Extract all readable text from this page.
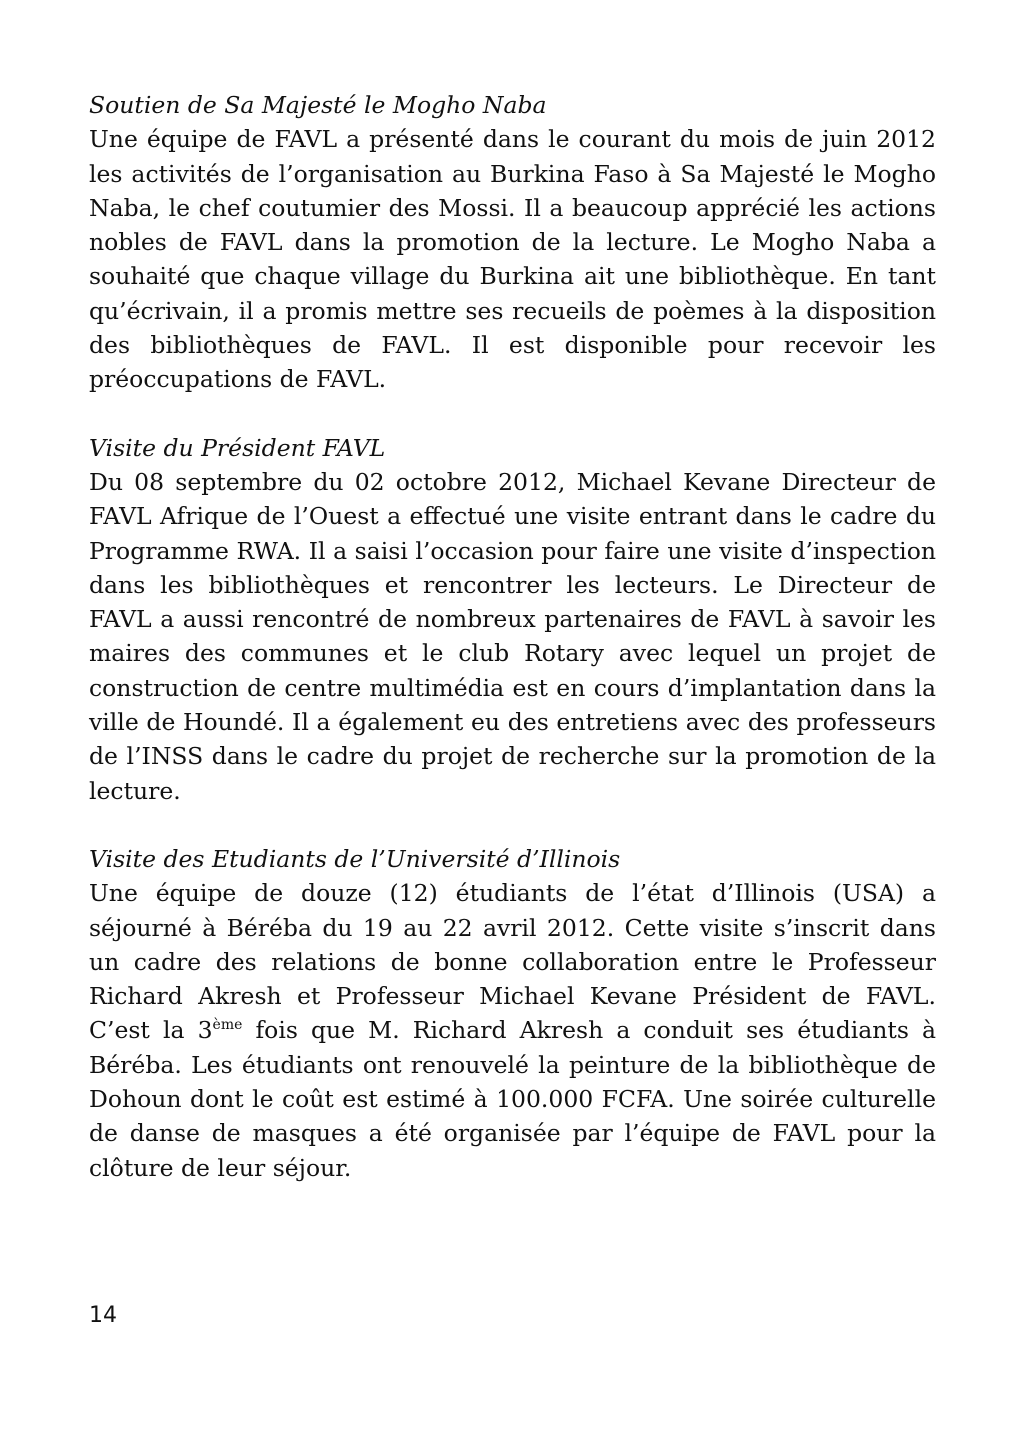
Soutien de Sa Majesté le Mogho Naba

Une équipe de FAVL a présenté dans le courant du mois de juin 2012 les activités de l’organisation au Burkina Faso à Sa Majesté le Mogho Naba, le chef coutumier des Mossi. Il a beaucoup apprécié les actions nobles de FAVL dans la promotion de la lecture. Le Mogho Naba a souhaité que chaque village du Burkina ait une bibliothèque. En tant qu’écrivain, il a promis mettre ses recueils de poèmes à la disposition des bibliothèques de FAVL. Il est disponible pour recevoir les préoccupations de FAVL.

Visite du Président FAVL

Du 08 septembre du 02 octobre 2012, Michael Kevane Directeur de FAVL Afrique de l’Ouest a effectué une visite entrant dans le cadre du Programme RWA. Il a saisi l’occasion pour faire une visite d’inspection dans les bibliothèques et rencontrer les lecteurs. Le Directeur de FAVL a aussi rencontré de nombreux partenaires de FAVL à savoir les maires des communes et le club Rotary avec lequel un projet de construction de centre multimédia est en cours d’implantation dans la ville de Houndé. Il a également eu des entretiens avec des professeurs de l’INSS dans le cadre du projet de recherche sur la promotion de la lecture.

Visite des Etudiants de l’Université d’Illinois

Une équipe de douze (12) étudiants de l’état d’Illinois (USA) a séjourné à Béréba du 19 au 22 avril 2012. Cette visite s’inscrit dans un cadre des relations de bonne collaboration entre le Professeur Richard Akresh et Professeur Michael Kevane Président de FAVL. C’est la 3ème fois que M. Richard Akresh a conduit ses étudiants à Béréba. Les étudiants ont renouvelé la peinture de la bibliothèque de Dohoun dont le coût est estimé à 100.000 FCFA. Une soirée culturelle de danse de masques a été organisée par l’équipe de FAVL pour la clôture de leur séjour.

14
